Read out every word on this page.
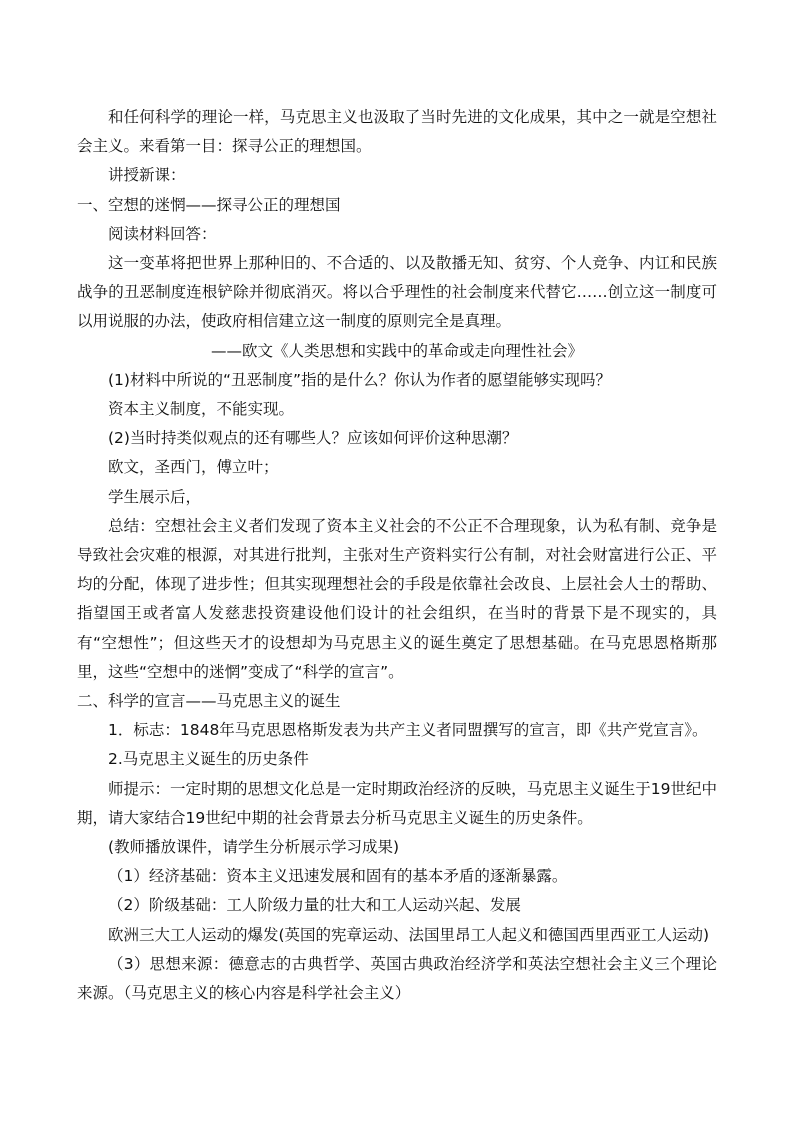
和任何科学的理论一样，马克思主义也汲取了当时先进的文化成果，其中之一就是空想社会主义。来看第一目：探寻公正的理想国。

讲授新课：

一、空想的迷惘——探寻公正的理想国

阅读材料回答：

这一变革将把世界上那种旧的、不合适的、以及散播无知、贫穷、个人竞争、内讧和民族战争的丑恶制度连根铲除并彻底消灭。将以合乎理性的社会制度来代替它……创立这一制度可以用说服的办法，使政府相信建立这一制度的原则完全是真理。

——欧文《人类思想和实践中的革命或走向理性社会》

(1)材料中所说的“丑恶制度”指的是什么？你认为作者的愿望能够实现吗？

资本主义制度，不能实现。

(2)当时持类似观点的还有哪些人？应该如何评价这种思潮？

欧文，圣西门，傅立叶；

学生展示后，

总结：空想社会主义者们发现了资本主义社会的不公正不合理现象，认为私有制、竞争是导致社会灾难的根源，对其进行批判，主张对生产资料实行公有制，对社会财富进行公正、平均的分配，体现了进步性；但其实现理想社会的手段是依靠社会改良、上层社会人士的帮助、指望国王或者富人发慈悲投资建设他们设计的社会组织，在当时的背景下是不现实的，具有“空想性”；但这些天才的设想却为马克思主义的诞生奠定了思想基础。在马克思恩格斯那里，这些“空想中的迷惘”变成了“科学的宣言”。

二、科学的宣言——马克思主义的诞生

1．标志：1848年马克思恩格斯发表为共产主义者同盟撰写的宣言，即《共产党宣言》。

2.马克思主义诞生的历史条件

师提示：一定时期的思想文化总是一定时期政治经济的反映，马克思主义诞生于19世纪中期，请大家结合19世纪中期的社会背景去分析马克思主义诞生的历史条件。

(教师播放课件，请学生分析展示学习成果)

（1）经济基础：资本主义迅速发展和固有的基本矛盾的逐渐暴露。

（2）阶级基础：工人阶级力量的壮大和工人运动兴起、发展

欧洲三大工人运动的爆发(英国的宪章运动、法国里昂工人起义和德国西里西亚工人运动)

（3）思想来源：德意志的古典哲学、英国古典政治经济学和英法空想社会主义三个理论来源。（马克思主义的核心内容是科学社会主义）
